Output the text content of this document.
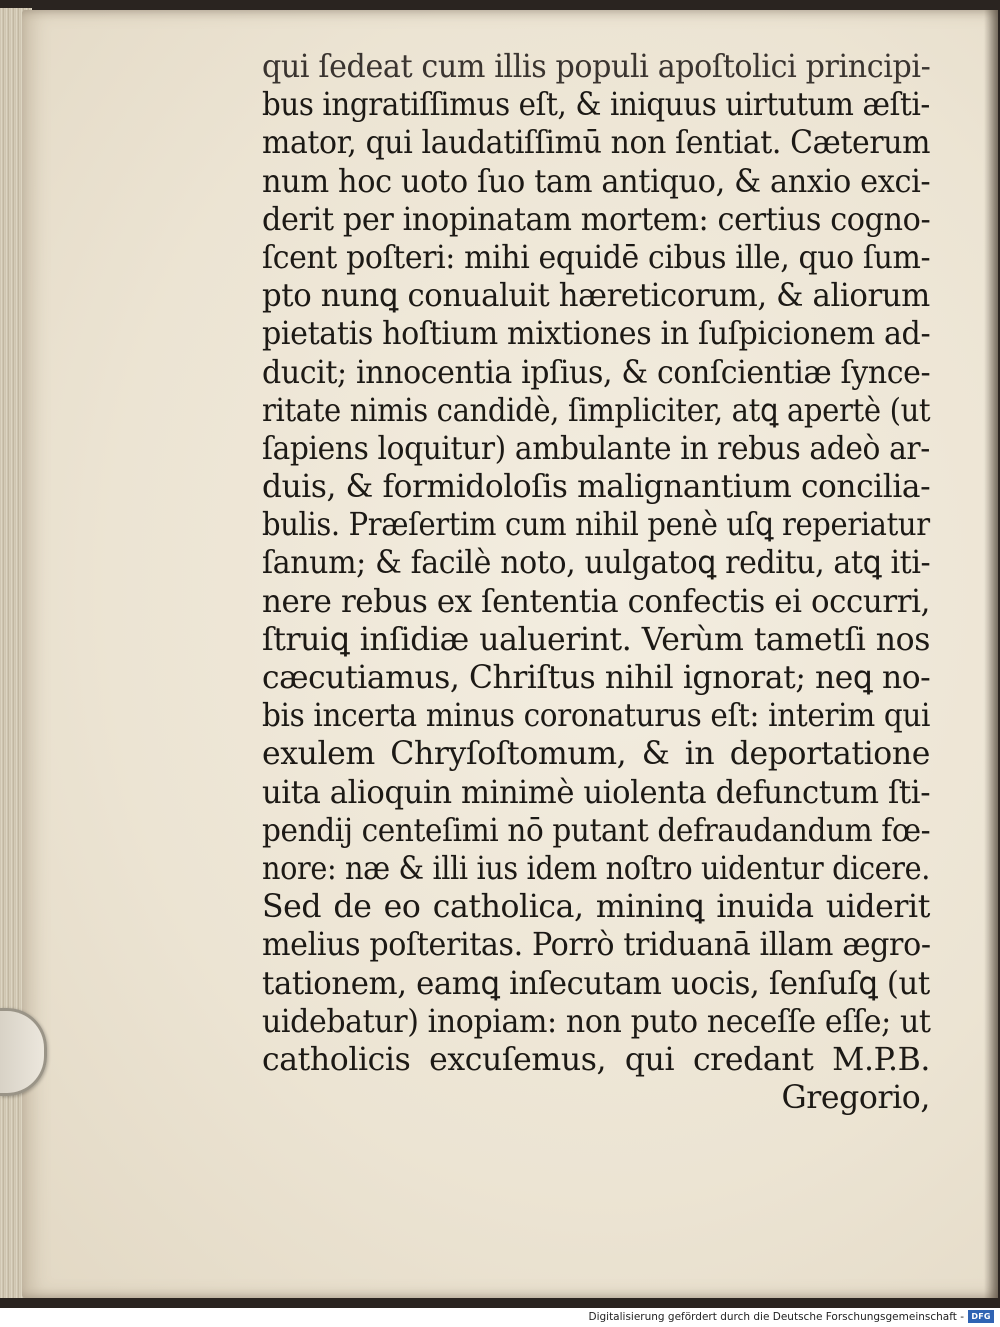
qui ſedeat cum illis populi apoſtolici principi-
bus ingratiſſimus eſt, & iniquus uirtutum æſti-
mator, qui laudatiſſimū non ſentiat. Cæterum
num hoc uoto ſuo tam antiquo, & anxio exci-
derit per inopinatam mortem: certius cogno-
ſcent poſteri: mihi equidē cibus ille, quo ſum-
pto nunꝗ conualuit hæreticorum, & aliorum
pietatis hoſtium mixtiones in ſuſpicionem ad-
ducit; innocentia ipſius, & conſcientiæ ſynce-
ritate nimis candidè, ſimpliciter, atꝗ apertè (ut
ſapiens loquitur) ambulante in rebus adeò ar-
duis, & formidoloſis malignantium concilia-
bulis. Præſertim cum nihil penè uſꝗ reperiatur
ſanum; & facilè noto, uulgatoꝗ reditu, atꝗ iti-
nere rebus ex ſententia confectis ei occurri,
ſtruiꝗ inſidiæ ualuerint. Verùm tametſi nos
cæcutiamus, Chriſtus nihil ignorat; neꝗ no-
bis incerta minus coronaturus eſt: interim qui
exulem Chryſoſtomum, & in deportatione
uita alioquin minimè uiolenta defunctum ſti-
pendij centeſimi nō putant defraudandum fœ-
nore: næ & illi ius idem noſtro uidentur dicere.
Sed de eo catholica, mininꝗ inuida uiderit
melius poſteritas. Porrò triduanā illam ægro-
tationem, eamꝗ inſecutam uocis, ſenſuſꝗ (ut
uidebatur) inopiam: non puto neceſſe eſſe; ut
catholicis excuſemus, qui credant M.P.B.
Gregorio,
Digitalisierung gefördert durch die Deutsche Forschungsgemeinschaft - DFG
